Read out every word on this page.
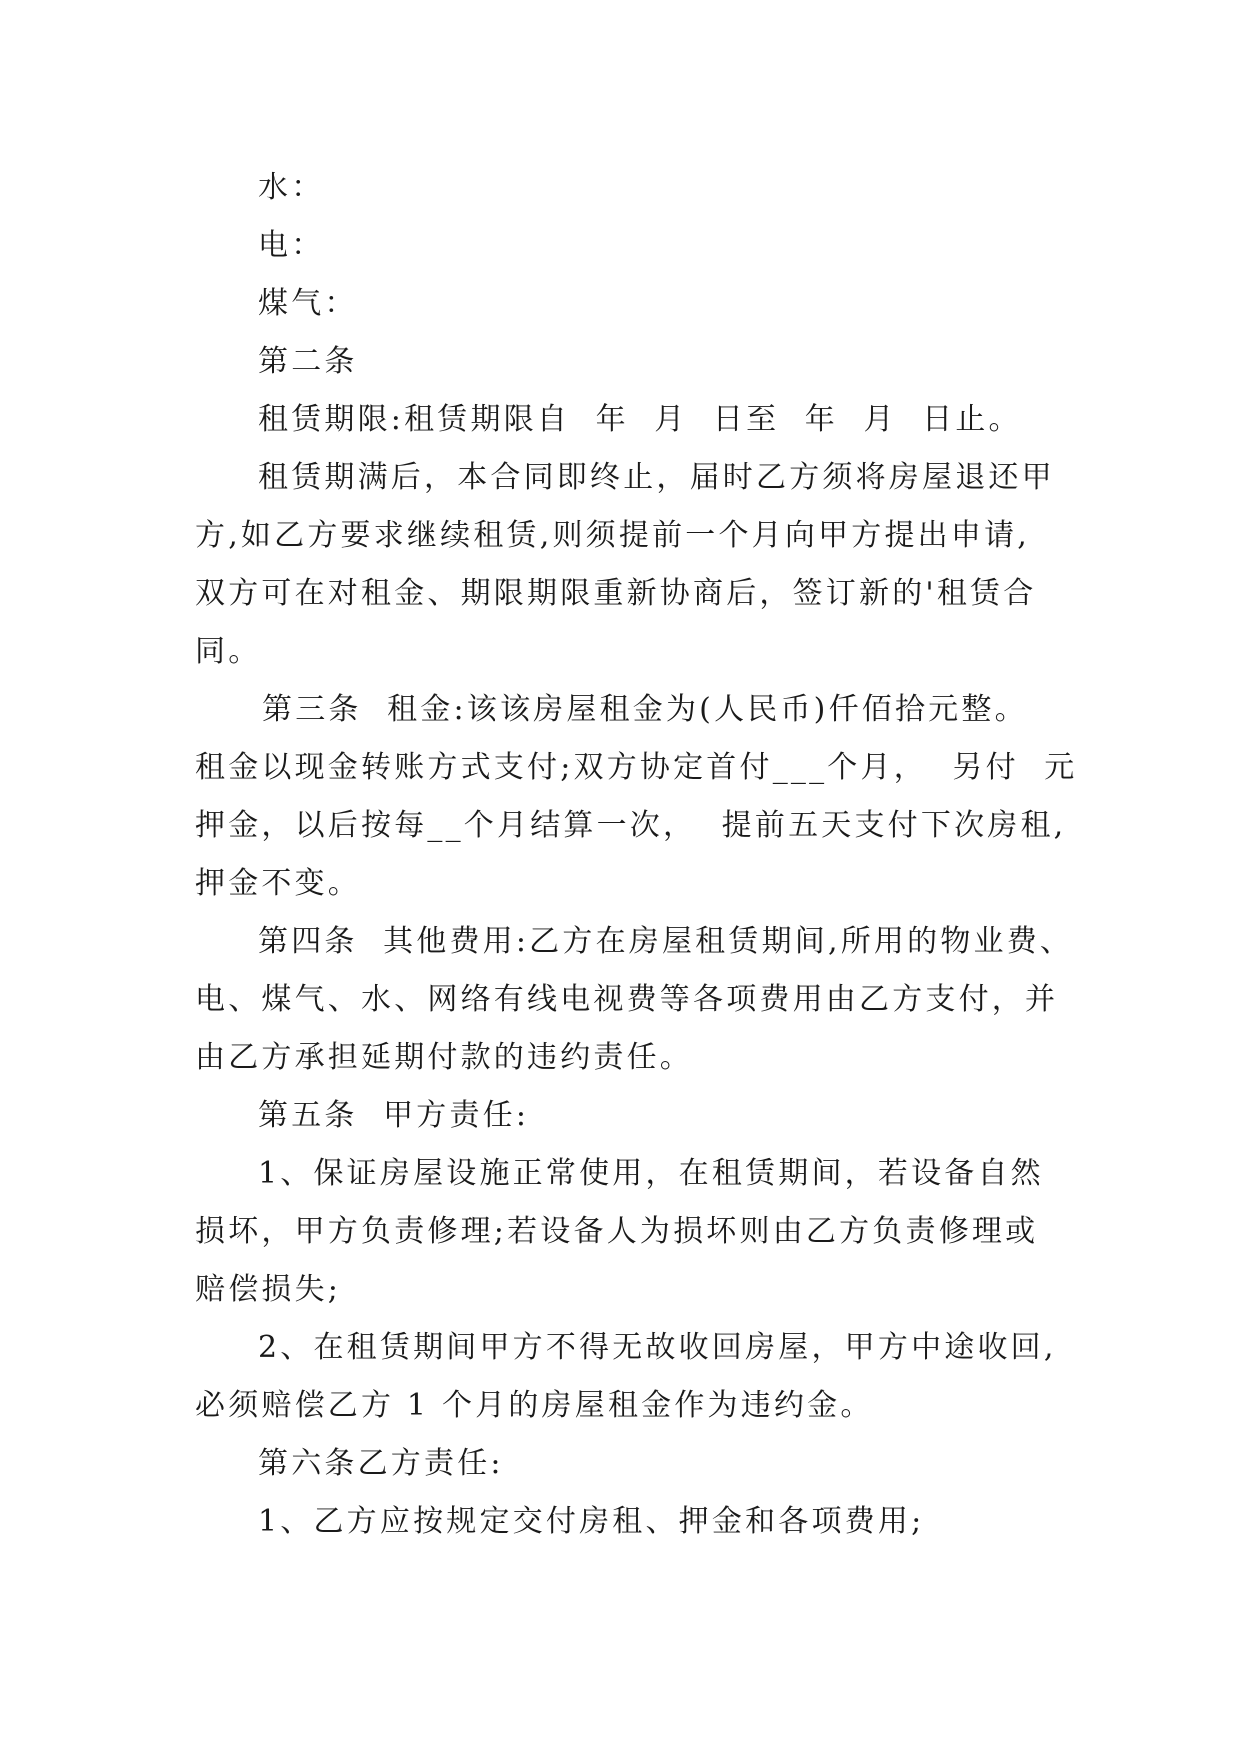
水：
电：
煤气：
第二条
租赁期限:租赁期限自  年  月  日至  年  月  日止。
租赁期满后，本合同即终止，届时乙方须将房屋退还甲
方,如乙方要求继续租赁,则须提前一个月向甲方提出申请,
双方可在对租金、期限期限重新协商后，签订新的'租赁合
同。
第三条  租金:该该房屋租金为(人民币)仟佰拾元整。
租金以现金转账方式支付;双方协定首付___个月，  另付  元
押金，以后按每__个月结算一次，  提前五天支付下次房租,
押金不变。
第四条  其他费用:乙方在房屋租赁期间,所用的物业费、
电、煤气、水、网络有线电视费等各项费用由乙方支付，并
由乙方承担延期付款的违约责任。
第五条  甲方责任:
1、保证房屋设施正常使用，在租赁期间，若设备自然
损坏，甲方负责修理;若设备人为损坏则由乙方负责修理或
赔偿损失;
2、在租赁期间甲方不得无故收回房屋，甲方中途收回,
必须赔偿乙方 1 个月的房屋租金作为违约金。
第六条乙方责任:
1、乙方应按规定交付房租、押金和各项费用;
